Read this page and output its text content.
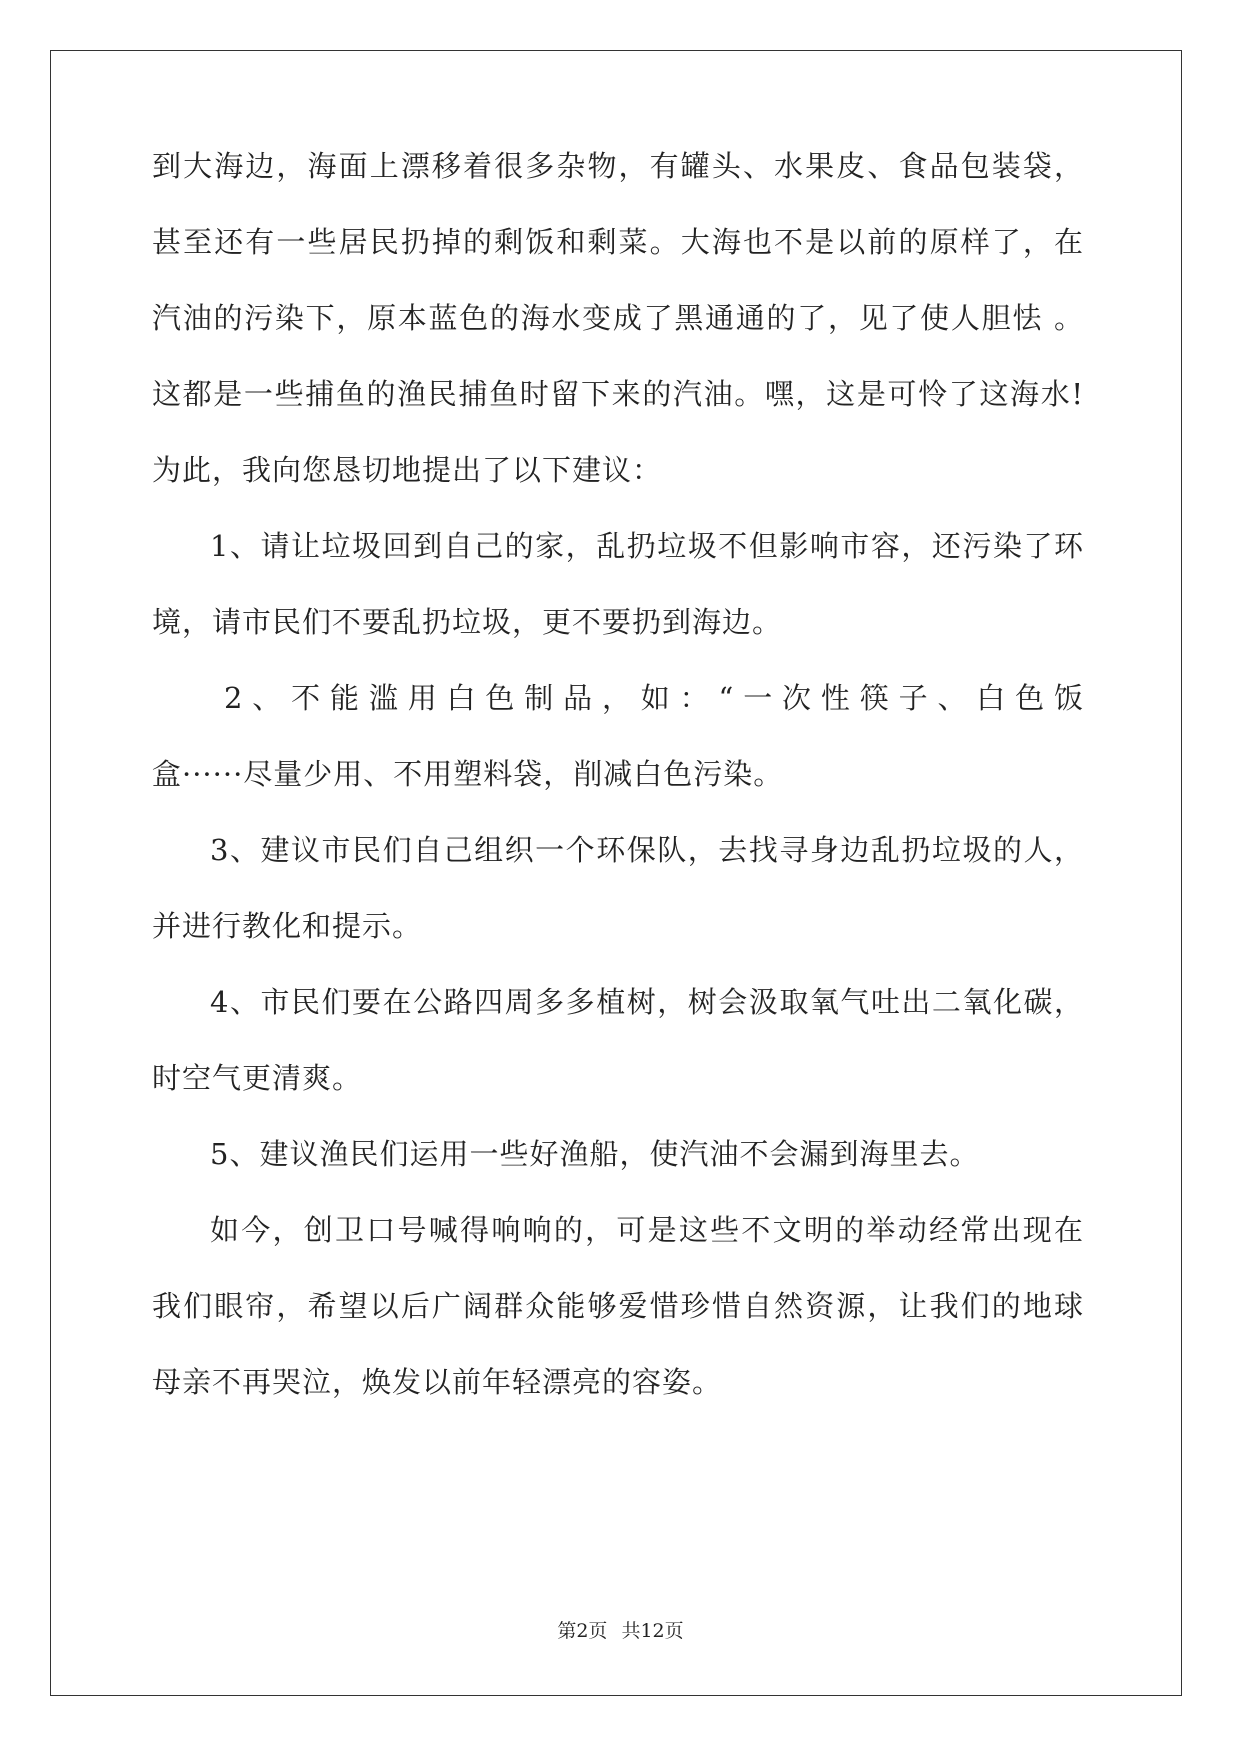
到大海边，海面上漂移着很多杂物，有罐头、水果皮、食品包装袋，
甚至还有一些居民扔掉的剩饭和剩菜。大海也不是以前的原样了，在
汽油的污染下，原本蓝色的海水变成了黑通通的了，见了使人胆怯 。
这都是一些捕鱼的渔民捕鱼时留下来的汽油。嘿，这是可怜了这海水!
为此，我向您恳切地提出了以下建议：
1、请让垃圾回到自己的家，乱扔垃圾不但影响市容，还污染了环
境，请市民们不要乱扔垃圾，更不要扔到海边。
2、不能滥用白色制品，如：“一次性筷子、白色饭
盒······尽量少用、不用塑料袋，削减白色污染。
3、建议市民们自己组织一个环保队，去找寻身边乱扔垃圾的人，
并进行教化和提示。
4、市民们要在公路四周多多植树，树会汲取氧气吐出二氧化碳，
时空气更清爽。
5、建议渔民们运用一些好渔船，使汽油不会漏到海里去。
如今，创卫口号喊得响响的，可是这些不文明的举动经常出现在
我们眼帘，希望以后广阔群众能够爱惜珍惜自然资源，让我们的地球
母亲不再哭泣，焕发以前年轻漂亮的容姿。
第2页 共12页
